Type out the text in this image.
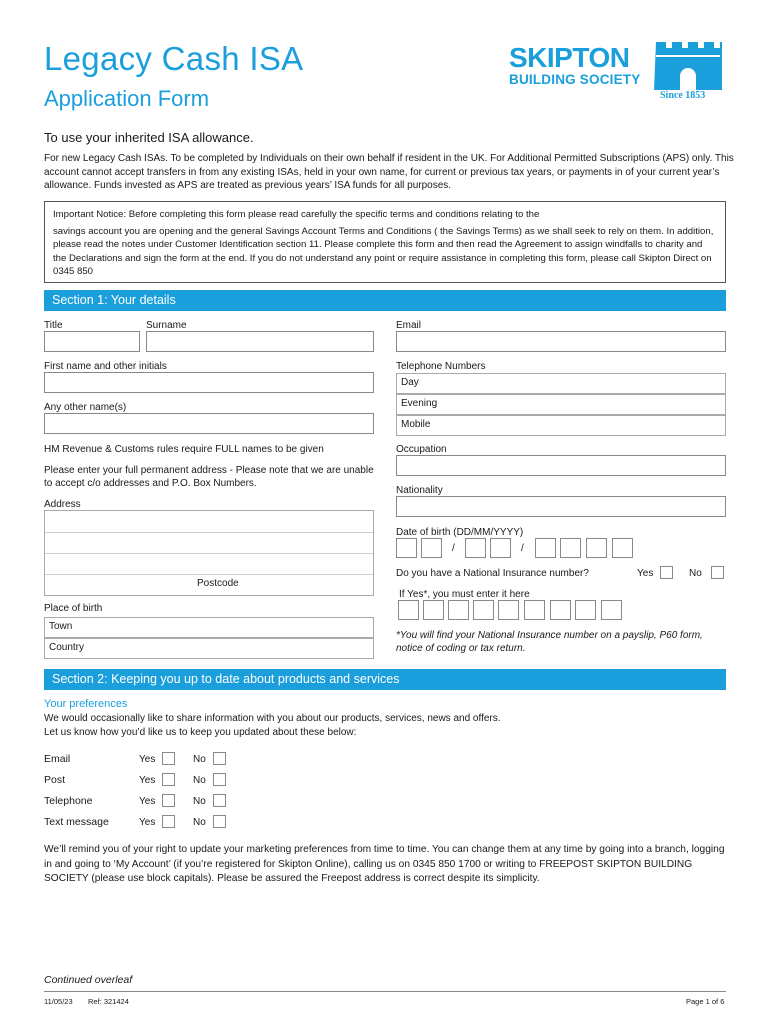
Legacy Cash ISA
Application Form
SKIPTON
BUILDING SOCIETY
Since 1853
To use your inherited ISA allowance.
For new Legacy Cash ISAs. To be completed by Individuals on their own behalf if resident in the UK. For Additional Permitted Subscriptions (APS) only. This account cannot accept transfers in from any existing ISAs, held in your own name, for current or previous tax years, or payments in of your current year’s allowance. Funds invested as APS are treated as previous years’ ISA funds for all purposes.
Important Notice: Before completing this form please read carefully the specific terms and conditions relating to the
savings account you are opening and the general Savings Account Terms and Conditions ( the Savings Terms) as we shall seek to rely on them. In addition, please read the notes under Customer Identification section 11. Please complete this form and then read the Agreement to assign windfalls to charity and the Declarations and sign the form at the end. If you do not understand any point or require assistance in completing this form, please call Skipton Direct on 0345 850
Section 1: Your details
Title	Surname	Email
First name and other initials	Telephone Numbers
Day
Evening
Mobile
Any other name(s)
HM Revenue & Customs rules require FULL names to be given	Occupation
Please enter your full permanent address - Please note that we are unable to accept c/o addresses and P.O. Box Numbers.
Nationality
Address
Postcode
Date of birth (DD/MM/YYYY)
/	/
Do you have a National Insurance number?	Yes	No
If Yes*, you must enter it here
Place of birth
Town
Country
*You will find your National Insurance number on a payslip, P60 form, notice of coding or tax return.
Section 2: Keeping you up to date about products and services
Your preferences
We would occasionally like to share information with you about our products, services, news and offers.
Let us know how you’d like us to keep you updated about these below:
Email	Yes	No
Post	Yes	No
Telephone	Yes	No
Text message	Yes	No
We’ll remind you of your right to update your marketing preferences from time to time. You can change them at any time by going into a branch, logging in and going to ‘My Account’ (if you’re registered for Skipton Online), calling us on 0345 850 1700 or writing to FREEPOST SKIPTON BUILDING SOCIETY (please use block capitals). Please be assured the Freepost address is correct despite its simplicity.
Continued overleaf
11/05/23 Ref: 321424	Page 1 of 6
